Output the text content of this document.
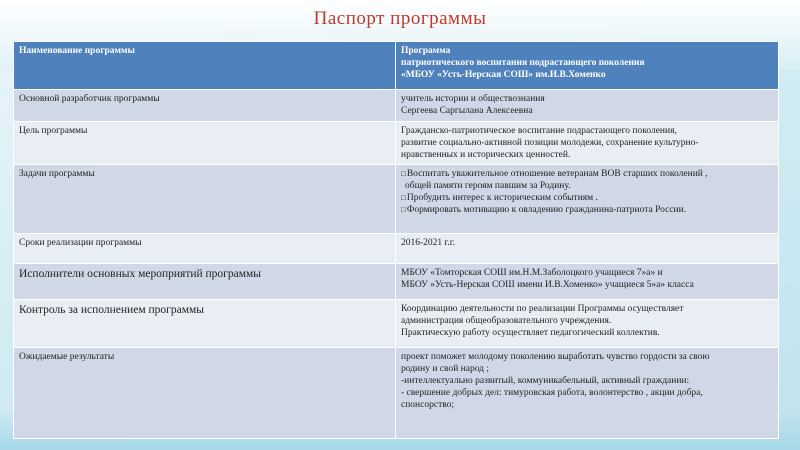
Паспорт программы
Наименование программы	Программа
патриотического воспитания подрастающего поколения
«МБОУ «Усть-Нерская СОШ» им.И.В.Хоменко

Основной разработчик программы	учитель истории и обществознания
Сергеева Саргылана Алексеевна

Цель программы	Гражданско-патриотическое воспитание подрастающего поколения,
развитие социально-активной позиции молодежи, сохранение культурно-
нравственных и исторических ценностей.

Задачи программы	□ Воспитать уважительное отношение ветеранам ВОВ старших поколений ,
общей памяти героям павшим за Родину.
□ Пробудить интерес к историческим событиям .
□ Формировать мотивацию к овладению гражданина-патриота России.

Сроки реализации программы	2016-2021 г.г.
Исполнители основных мероприятий программы	МБОУ «Томторская СОШ им.Н.М.Заболоцкого учащиеся 7»а» и
МБОУ »Усть-Нерская СОШ имени И.В.Хоменко» учащиеся 5»а» класса

Контроль за исполнением программы	Координацию деятельности по реализации Программы осуществляет
администрация общеобразовательного учреждения.
Практическую работу осуществляет педагогический коллектив.

Ожидаемые результаты	проект поможет молодому поколению выработать чувство гордости за свою
родину и свой народ ;
-интеллектуально развитый, коммуникабельный, активный граждании:
- свершение добрых дел: тимуровская работа, волонтерство , акции добра,
спонсорство;
